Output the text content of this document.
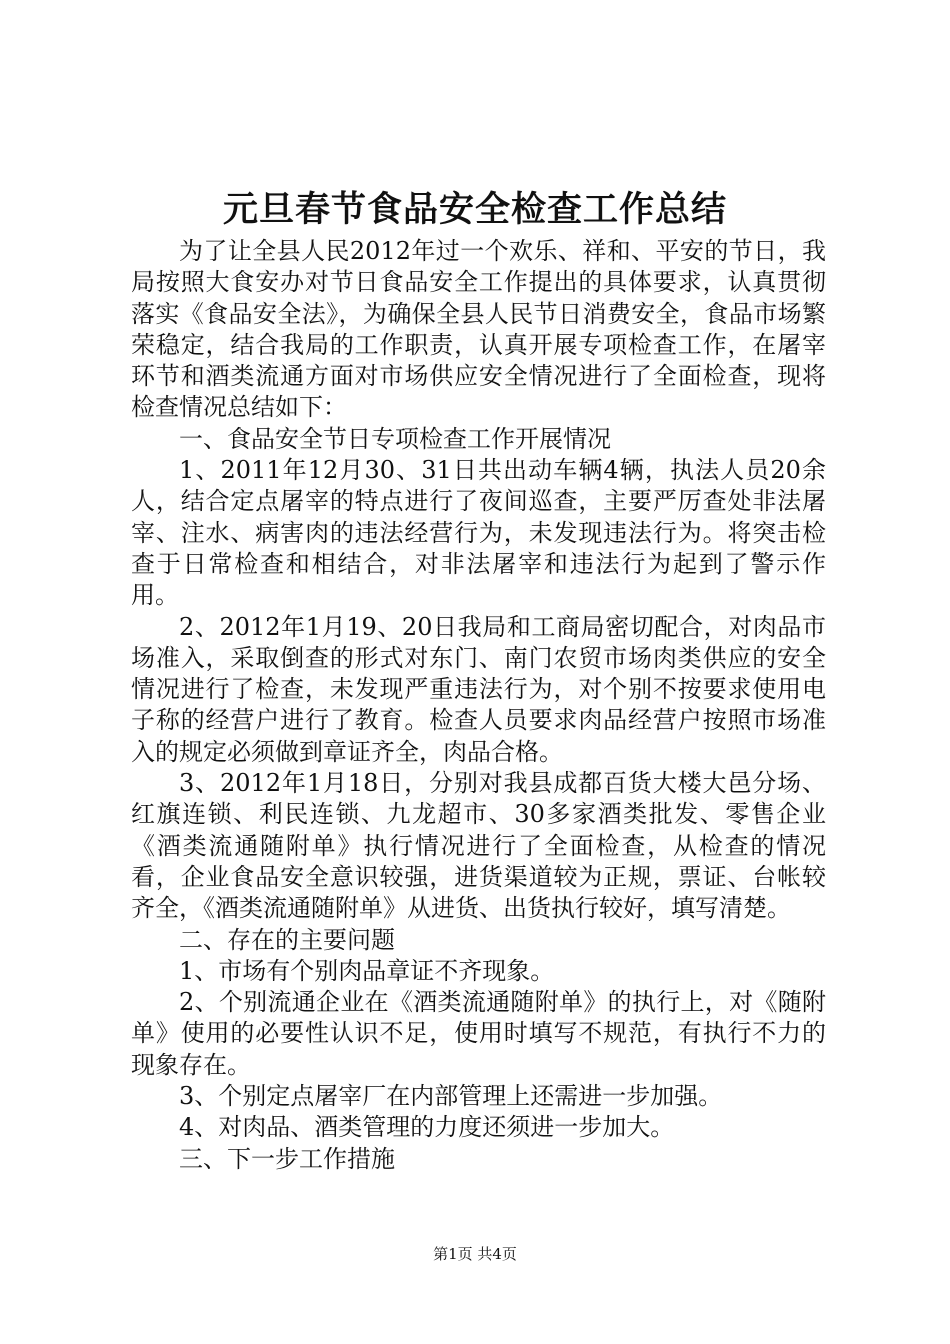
元旦春节食品安全检查工作总结

为了让全县人民2012年过一个欢乐、祥和、平安的节日，我局按照大食安办对节日食品安全工作提出的具体要求，认真贯彻落实《食品安全法》，为确保全县人民节日消费安全，食品市场繁荣稳定，结合我局的工作职责，认真开展专项检查工作，在屠宰环节和酒类流通方面对市场供应安全情况进行了全面检查，现将检查情况总结如下：

一、食品安全节日专项检查工作开展情况

1、2011年12月30、31日共出动车辆4辆，执法人员20余人，结合定点屠宰的特点进行了夜间巡查，主要严厉查处非法屠宰、注水、病害肉的违法经营行为，未发现违法行为。将突击检查于日常检查和相结合，对非法屠宰和违法行为起到了警示作用。

2、2012年1月19、20日我局和工商局密切配合，对肉品市场准入，采取倒查的形式对东门、南门农贸市场肉类供应的安全情况进行了检查，未发现严重违法行为，对个别不按要求使用电子称的经营户进行了教育。检查人员要求肉品经营户按照市场准入的规定必须做到章证齐全，肉品合格。

3、2012年1月18日，分别对我县成都百货大楼大邑分场、红旗连锁、利民连锁、九龙超市、30多家酒类批发、零售企业《酒类流通随附单》执行情况进行了全面检查，从检查的情况看，企业食品安全意识较强，进货渠道较为正规，票证、台帐较齐全，《酒类流通随附单》从进货、出货执行较好，填写清楚。

二、存在的主要问题

1、市场有个别肉品章证不齐现象。

2、个别流通企业在《酒类流通随附单》的执行上，对《随附单》使用的必要性认识不足，使用时填写不规范，有执行不力的现象存在。

3、个别定点屠宰厂在内部管理上还需进一步加强。

4、对肉品、酒类管理的力度还须进一步加大。

三、下一步工作措施

第1页 共4页
